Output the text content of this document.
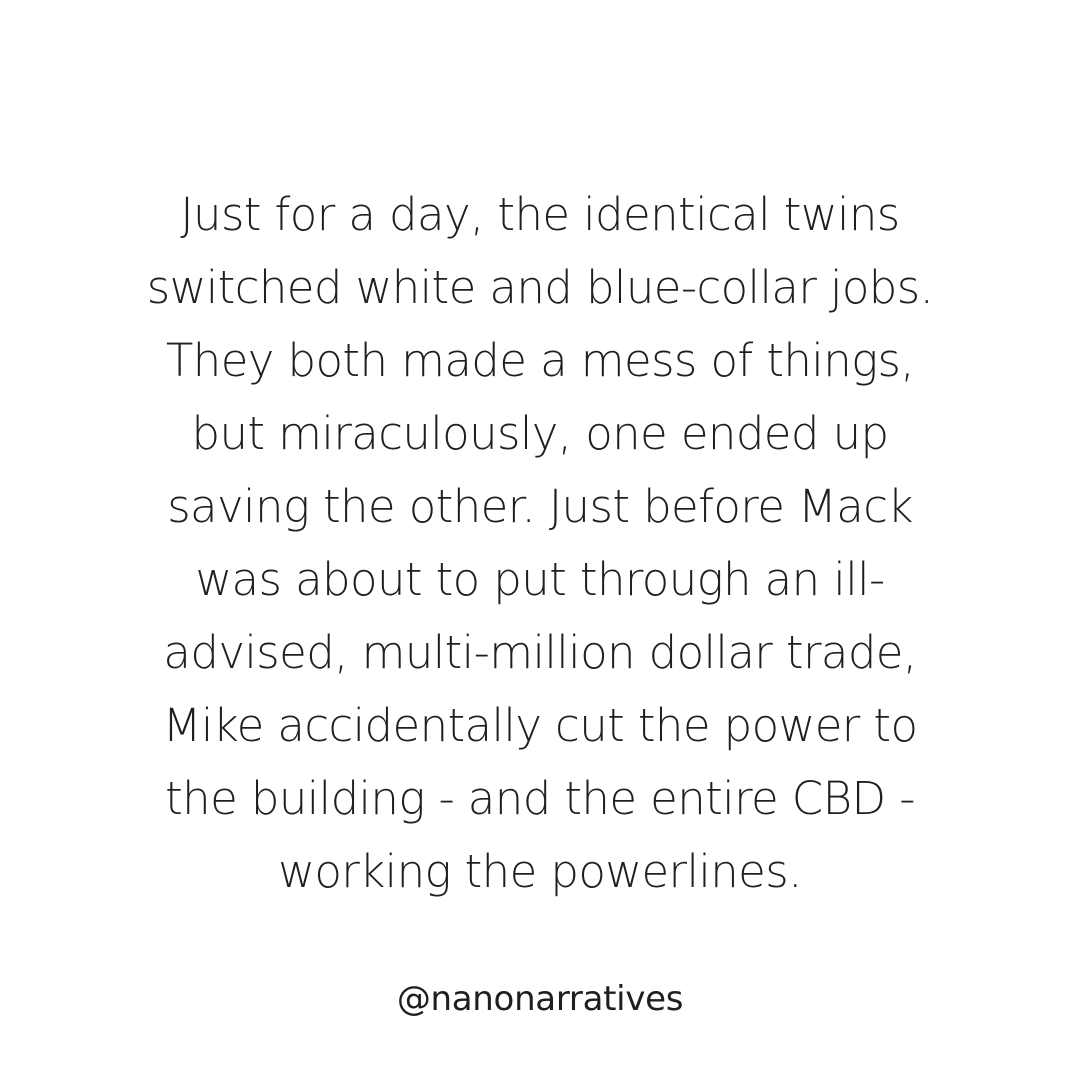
Just for a day, the identical twins
switched white and blue-collar jobs.
They both made a mess of things,
but miraculously, one ended up
saving the other. Just before Mack
was about to put through an ill-
advised, multi-million dollar trade,
Mike accidentally cut the power to
the building - and the entire CBD -
working the powerlines.
@nanonarratives
